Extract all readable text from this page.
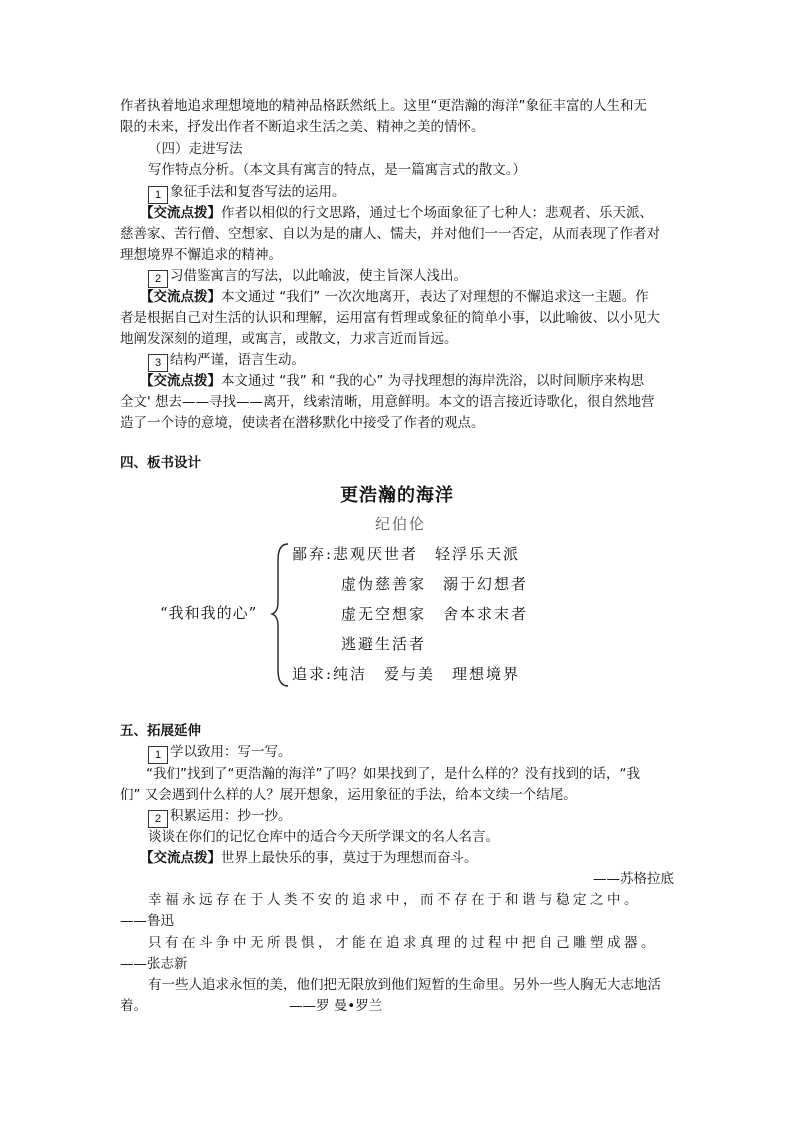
作者执着地追求理想境地的精神品格跃然纸上。这里“更浩瀚的海洋”象征丰富的人生和无
限的未来，抒发出作者不断追求生活之美、精神之美的情怀。
（四）走进写法
写作特点分析。（本文具有寓言的特点，是一篇寓言式的散文。）
1 象征手法和复沓写法的运用。
【交流点拨】作者以相似的行文思路，通过七个场面象征了七种人：悲观者、乐天派、
慈善家、苦行僧、空想家、自以为是的庸人、懦夫，并对他们一一否定，从而表现了作者对
理想境界不懈追求的精神。
2 习借鉴寓言的写法，以此喻波，使主旨深人浅出。
【交流点拨】本文通过 “我们” 一次次地离开，表达了对理想的不懈追求这一主题。作
者是根据自己对生活的认识和理解，运用富有哲理或象征的简单小事，以此喻彼、以小见大
地阐发深刻的道理，或寓言，或散文，力求言近而旨远。
3 结构严谨，语言生动。
【交流点拨】本文通过 “我” 和 “我的心” 为寻找理想的海岸洗浴，以时间顺序来构思
全文' 想去——寻找——离开，线索清晰，用意鲜明。本文的语言接近诗歌化，很自然地营
造了一个诗的意境，使读者在潜移默化中接受了作者的观点。
四、板书设计
更浩瀚的海洋
纪伯伦
“我和我的心”
鄙弃:悲观厌世者　轻浮乐天派
虚伪慈善家　溺于幻想者
虚无空想家　舍本求末者
逃避生活者
追求:纯洁　爱与美　理想境界
五、拓展延伸
1 学以致用：写一写。
“我们”找到了“更浩瀚的海洋”了吗？如果找到了，是什么样的？没有找到的话，“我
们” 又会遇到什么样的人？展开想象，运用象征的手法，给本文续一个结尾。
2 积累运用：抄一抄。
谈谈在你们的记忆仓库中的适合今天所学课文的名人名言。
【交流点拨】世界上最快乐的事，莫过于为理想而奋斗。
——苏格拉底
幸福永远存在于人类不安的追求中，而不存在于和谐与稳定之中。
——鲁迅
只有在斗争中无所畏惧，才能在追求真理的过程中把自己雕塑成器。
——张志新
有一些人追求永恒的美，他们把无限放到他们短暂的生命里。另外一些人胸无大志地活
着。	——罗 曼•罗兰
